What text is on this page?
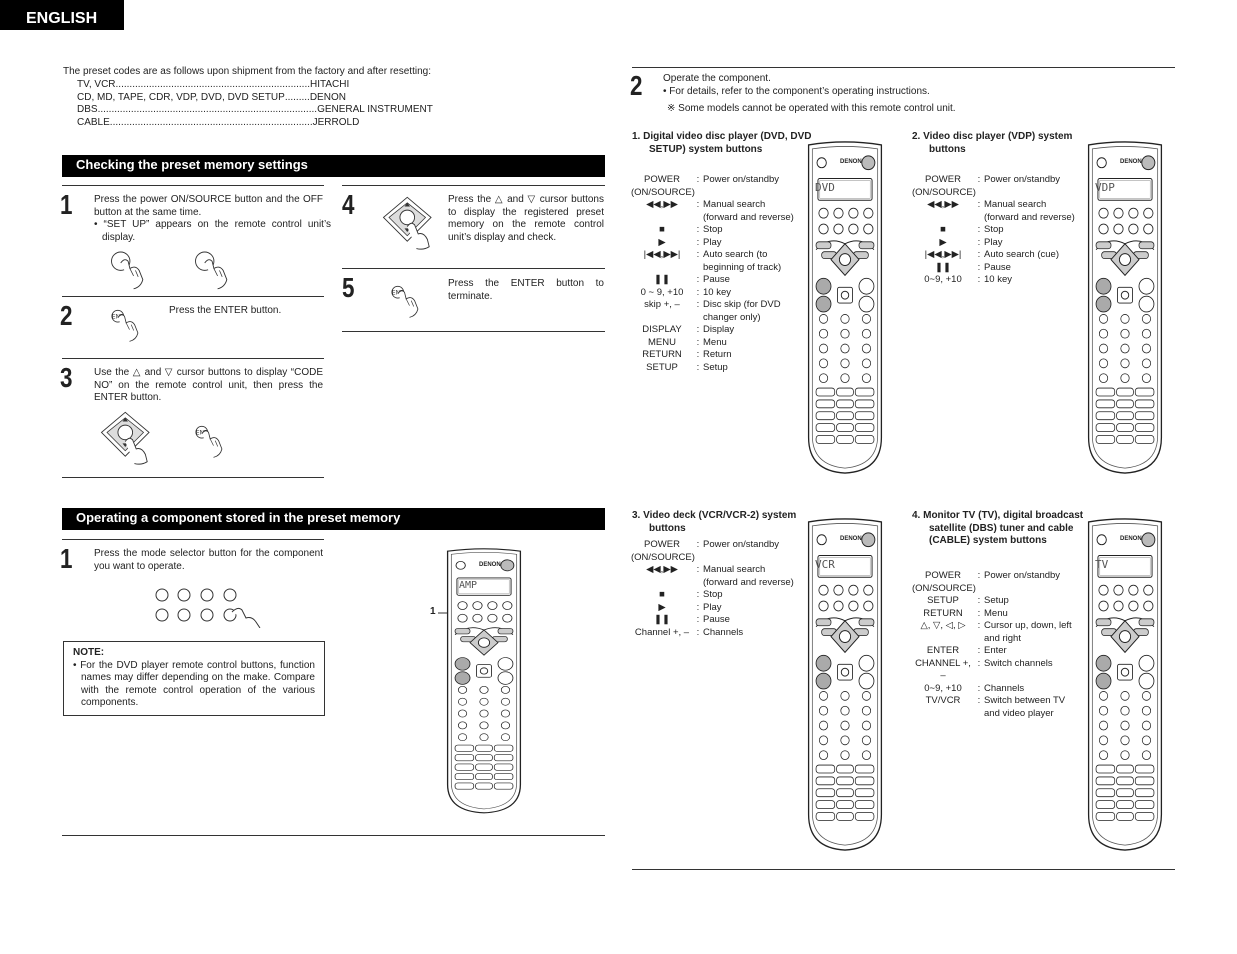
ENGLISH
The preset codes are as follows upon shipment from the factory and after resetting:
TV, VCR ...................................................................... HITACHI
CD, MD, TAPE, CDR, VDP, DVD, DVD SETUP ......... DENON
DBS ............................................................................... GENERAL INSTRUMENT
CABLE ......................................................................... JERROLD
Checking the preset memory settings
1 Press the power ON/SOURCE button and the OFF button at the same time.
• “SET UP” appears on the remote control unit’s display.
2	Press the ENTER button.
3 Use the △ and ▽ cursor buttons to display “CODE NO” on the remote control unit, then press the ENTER button.
4	Press the △ and ▽ cursor buttons to display the registered preset memory on the remote control unit’s display and check.
5	Press the ENTER button to terminate.
Operating a component stored in the preset memory
1 Press the mode selector button for the component you want to operate.
NOTE:
• For the DVD player remote control buttons, function names may differ depending on the make. Compare with the remote control operation of the various components.
1
DENON
AMP
2 Operate the component.
• For details, refer to the component’s operating instructions.
※ Some models cannot be operated with this remote control unit.
1. Digital video disc player (DVD, DVD SETUP) system buttons
POWER (ON/SOURCE)
: Power on/standby
◀◀,▶▶	: Manual search (forward and reverse)
■	: Stop
▶	: Play
|◀◀,▶▶|	: Auto search (to beginning of track)
❚❚	: Pause
0 ~ 9, +10	: 10 key
skip +, –	: Disc skip (for DVD changer only)
DISPLAY	: Display
MENU	: Menu
RETURN	: Return
SETUP	: Setup
DENON
DVD
2. Video disc player (VDP) system buttons
POWER (ON/SOURCE)
: Power on/standby
◀◀,▶▶	: Manual search (forward and reverse)
■	: Stop
▶	: Play
|◀◀,▶▶|	: Auto search (cue)
❚❚	: Pause
0~9, +10	: 10 key
DENON
VDP
3. Video deck (VCR/VCR-2) system buttons
POWER (ON/SOURCE)
: Power on/standby
◀◀,▶▶	: Manual search (forward and reverse)
■	: Stop
▶	: Play
❚❚	: Pause
Channel +, – : Channels
DENON
VCR
4. Monitor TV (TV), digital broadcast satellite (DBS) tuner and cable (CABLE) system buttons
POWER (ON/SOURCE)
: Power on/standby
SETUP	: Setup
RETURN	: Menu
△, ▽, ◁, ▷	: Cursor up, down, left and right
ENTER	: Enter
CHANNEL +, –
: Switch channels
0~9, +10	: Channels
TV/VCR	: Switch between TV and video player
DENON
TV
